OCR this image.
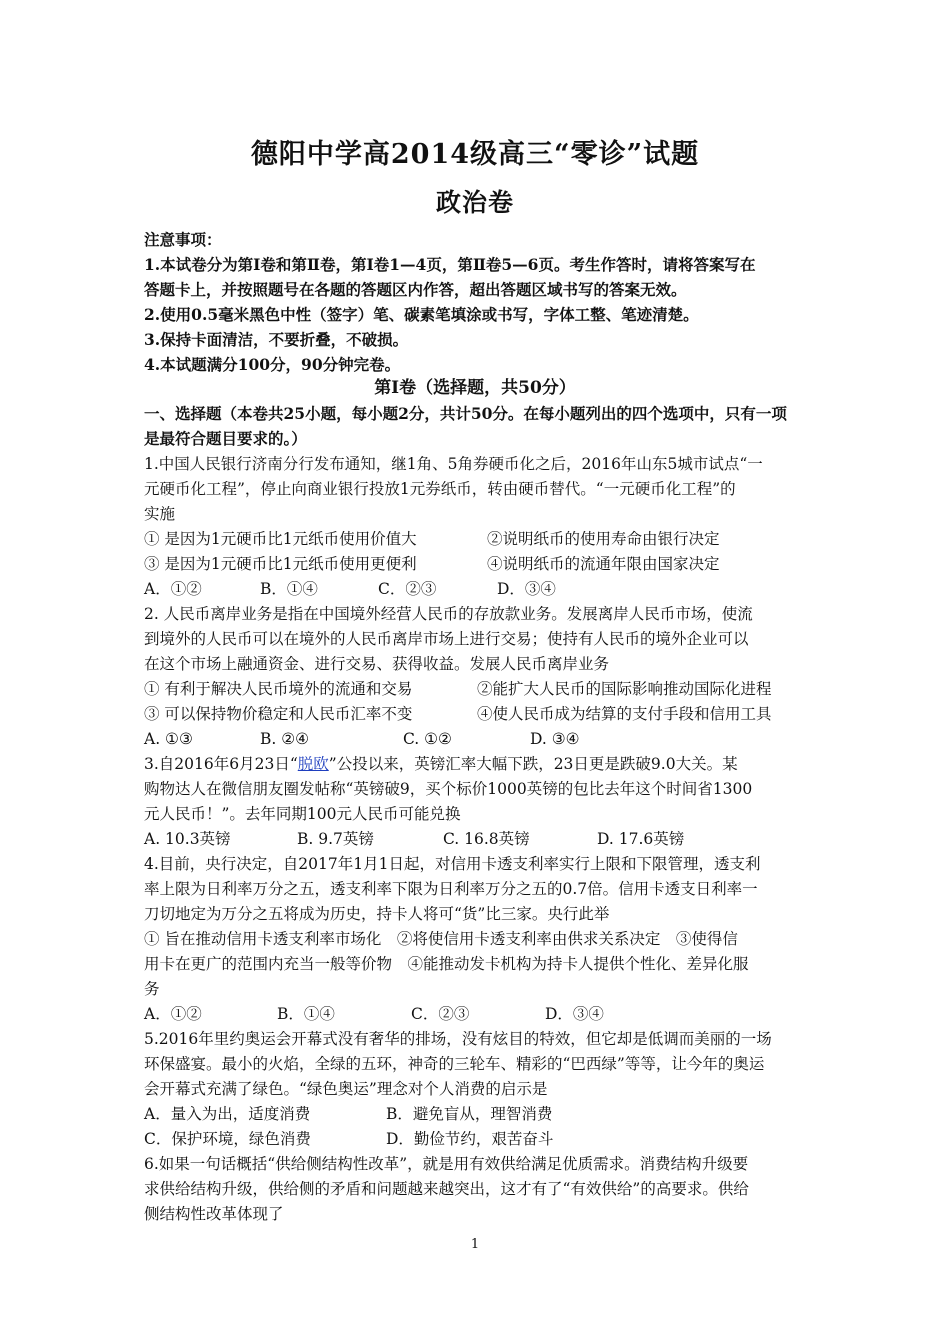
德阳中学高2014级高三“零诊”试题
政治卷
注意事项：
1.本试卷分为第Ⅰ卷和第Ⅱ卷，第Ⅰ卷1—4页，第Ⅱ卷5—6页。考生作答时，请将答案写在
答题卡上，并按照题号在各题的答题区内作答，超出答题区域书写的答案无效。
2.使用0.5毫米黑色中性（签字）笔、碳素笔填涂或书写，字体工整、笔迹清楚。
3.保持卡面清洁，不要折叠，不破损。
4.本试题满分100分，90分钟完卷。
第Ⅰ卷（选择题，共50分）
一、选择题（本卷共25小题，每小题2分，共计50分。在每小题列出的四个选项中，只有一项
是最符合题目要求的。）
1.中国人民银行济南分行发布通知，继1角、5角券硬币化之后，2016年山东5城市试点“一
元硬币化工程”，停止向商业银行投放1元券纸币，转由硬币替代。“一元硬币化工程”的
实施
① 是因为1元硬币比1元纸币使用价值大	②说明纸币的使用寿命由银行决定
③ 是因为1元硬币比1元纸币使用更便利	④说明纸币的流通年限由国家决定
A．①②	B．①④	C．②③	D．③④
2. 人民币离岸业务是指在中国境外经营人民币的存放款业务。发展离岸人民币市场，使流
到境外的人民币可以在境外的人民币离岸市场上进行交易；使持有人民币的境外企业可以
在这个市场上融通资金、进行交易、获得收益。发展人民币离岸业务
① 有利于解决人民币境外的流通和交易	②能扩大人民币的国际影响推动国际化进程
③ 可以保持物价稳定和人民币汇率不变	④使人民币成为结算的支付手段和信用工具
A. ①③	B. ②④	C. ①②	D. ③④
3.自2016年6月23日“脱欧”公投以来，英镑汇率大幅下跌，23日更是跌破9.0大关。某
购物达人在微信朋友圈发帖称“英镑破9，买个标价1000英镑的包比去年这个时间省1300
元人民币！”。去年同期100元人民币可能兑换
A. 10.3英镑	B. 9.7英镑	C. 16.8英镑	D. 17.6英镑
4.目前，央行决定，自2017年1月1日起，对信用卡透支利率实行上限和下限管理，透支利
率上限为日利率万分之五，透支利率下限为日利率万分之五的0.7倍。信用卡透支日利率一
刀切地定为万分之五将成为历史，持卡人将可“货”比三家。央行此举
① 旨在推动信用卡透支利率市场化　②将使信用卡透支利率由供求关系决定　③使得信
用卡在更广的范围内充当一般等价物　④能推动发卡机构为持卡人提供个性化、差异化服
务
A．①②	B．①④	C．②③	D．③④
5.2016年里约奥运会开幕式没有奢华的排场，没有炫目的特效，但它却是低调而美丽的一场
环保盛宴。最小的火焰，全绿的五环，神奇的三轮车、精彩的“巴西绿”等等，让今年的奥运
会开幕式充满了绿色。“绿色奥运”理念对个人消费的启示是
A．量入为出，适度消费	B．避免盲从，理智消费
C．保护环境，绿色消费	D．勤俭节约，艰苦奋斗
6.如果一句话概括“供给侧结构性改革”，就是用有效供给满足优质需求。消费结构升级要
求供给结构升级，供给侧的矛盾和问题越来越突出，这才有了“有效供给”的高要求。供给
侧结构性改革体现了
1
